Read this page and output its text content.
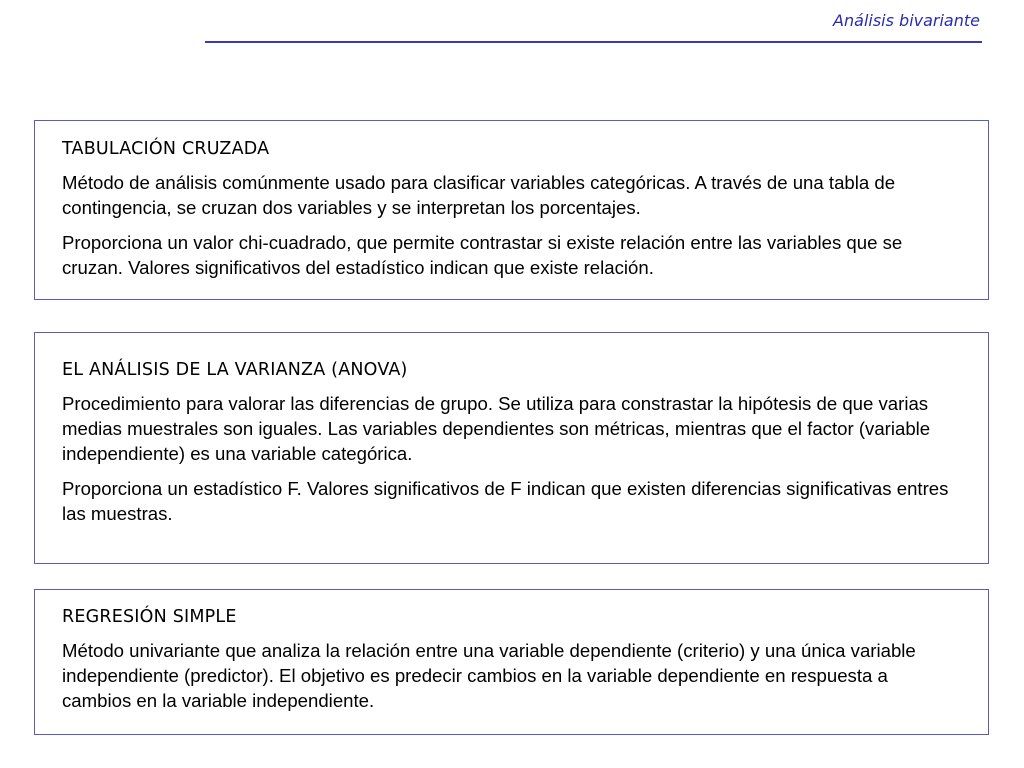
Análisis bivariante
TABULACIÓN CRUZADA

Método de análisis comúnmente usado para clasificar variables categóricas. A través de una tabla de contingencia, se cruzan dos variables y se interpretan los porcentajes.

Proporciona un valor chi-cuadrado, que permite contrastar si existe relación entre las variables que se cruzan. Valores significativos del estadístico indican que existe relación.

EL ANÁLISIS DE LA VARIANZA (ANOVA)

Procedimiento para valorar las diferencias de grupo. Se utiliza para constrastar la hipótesis de que varias medias muestrales son iguales. Las variables dependientes son métricas, mientras que el factor (variable independiente) es una variable categórica.

Proporciona un estadístico F. Valores significativos de F indican que existen diferencias significativas entres las muestras.

REGRESIÓN SIMPLE

Método univariante que analiza la relación entre una variable dependiente (criterio) y una única variable independiente (predictor). El objetivo es predecir cambios en la variable dependiente en respuesta a cambios en la variable independiente.
